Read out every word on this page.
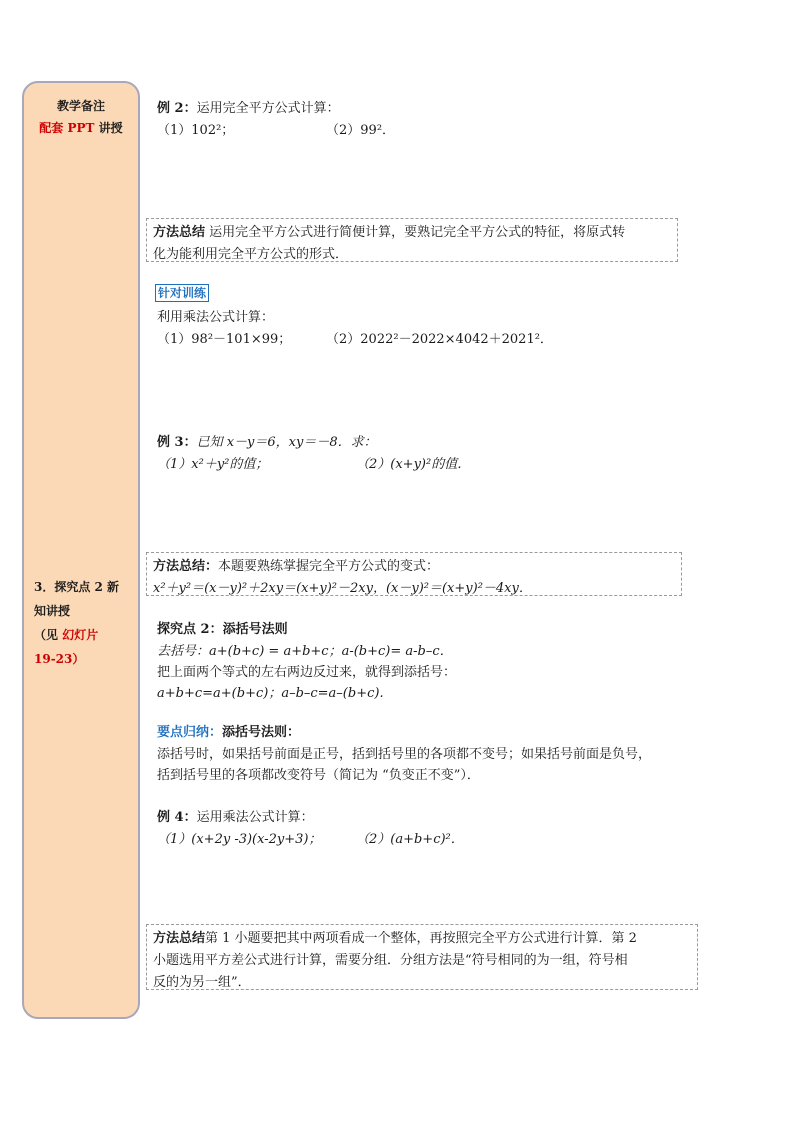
教学备注
配套 PPT 讲授
3．探究点 2 新
知讲授
（见 幻灯片
19-23）
例 2：运用完全平方公式计算：
（1）102²；	（2）99²．
方法总结 运用完全平方公式进行简便计算，要熟记完全平方公式的特征，将原式转
化为能利用完全平方公式的形式．
针对训练
利用乘法公式计算：
（1）98²－101×99；	（2）2022²－2022×4042＋2021²．
例 3：已知 x－y＝6，xy＝－8．求：
（1）x²＋y²的值；	（2）(x+y)²的值．
方法总结：本题要熟练掌握完全平方公式的变式：
x²＋y²＝(x－y)²＋2xy＝(x+y)²－2xy，(x－y)²＝(x+y)²－4xy．
探究点 2：添括号法则
去括号：a+(b+c) = a+b+c；a-(b+c)= a-b–c．
把上面两个等式的左右两边反过来，就得到添括号：
a+b+c=a+(b+c)；a–b–c=a–(b+c).
要点归纳：添括号法则：
添括号时，如果括号前面是正号，括到括号里的各项都不变号；如果括号前面是负号，
括到括号里的各项都改变符号（简记为 “负变正不变”）．
例 4：运用乘法公式计算：
（1）(x+2y -3)(x-2y+3)；	（2）(a+b+c)²．
方法总结第 1 小题要把其中两项看成一个整体，再按照完全平方公式进行计算．第 2
小题选用平方差公式进行计算，需要分组．分组方法是“符号相同的为一组，符号相
反的为另一组”．
